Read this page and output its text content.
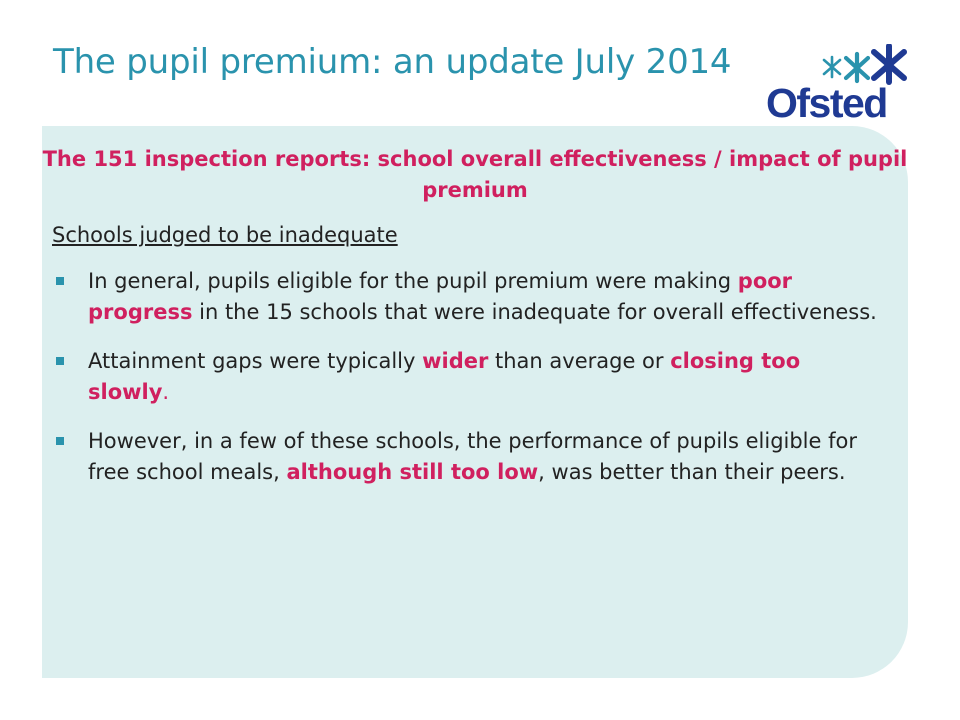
The pupil premium: an update July 2014
Ofsted
The 151 inspection reports: school overall effectiveness / impact of pupil premium

Schools judged to be inadequate

In general, pupils eligible for the pupil premium were making poor progress in the 15 schools that were inadequate for overall effectiveness.
Attainment gaps were typically wider than average or closing too slowly.
However, in a few of these schools, the performance of pupils eligible for free school meals, although still too low, was better than their peers.
